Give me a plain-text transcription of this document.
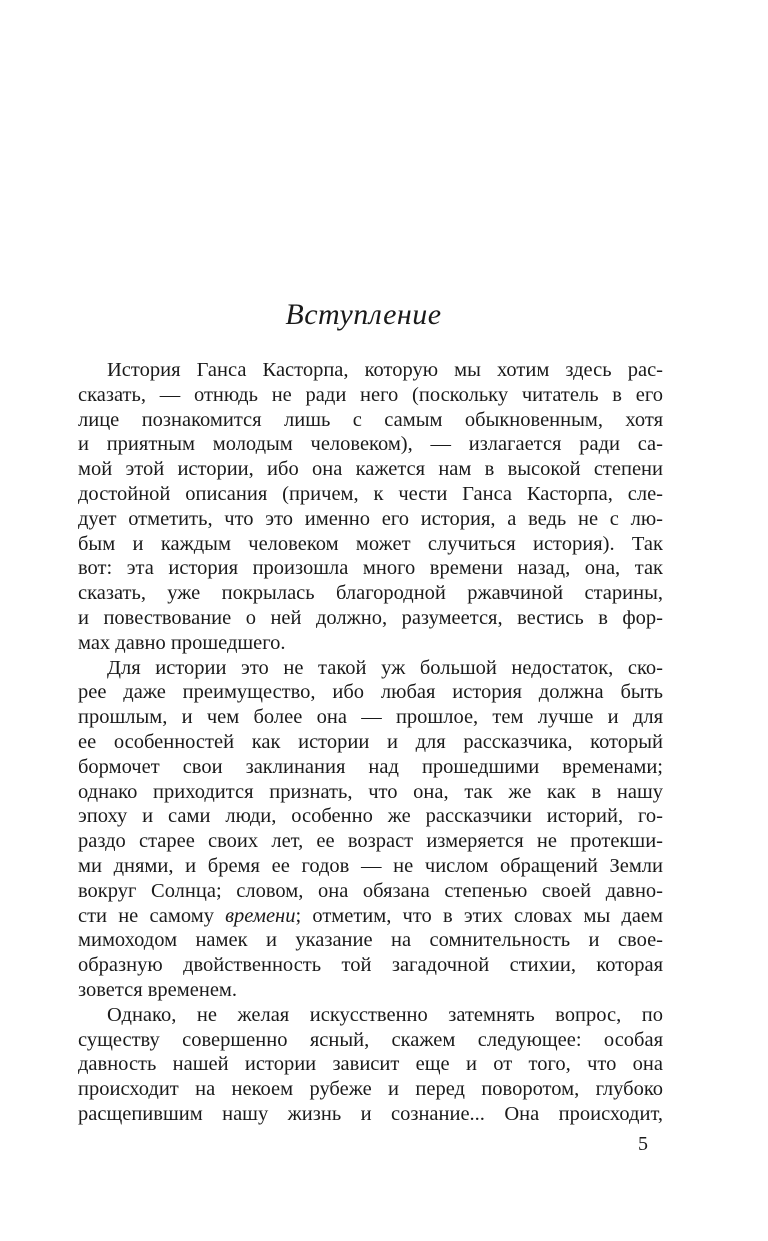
Вступление
История Ганса Касторпа, которую мы хотим здесь рас-
сказать, — отнюдь не ради него (поскольку читатель в его
лице познакомится лишь с самым обыкновенным, хотя
и приятным молодым человеком), — излагается ради са-
мой этой истории, ибо она кажется нам в высокой степени
достойной описания (причем, к чести Ганса Касторпа, сле-
дует отметить, что это именно его история, а ведь не с лю-
бым и каждым человеком может случиться история). Так
вот: эта история произошла много времени назад, она, так
сказать, уже покрылась благородной ржавчиной старины,
и повествование о ней должно, разумеется, вестись в фор-
мах давно прошедшего.
Для истории это не такой уж большой недостаток, ско-
рее даже преимущество, ибо любая история должна быть
прошлым, и чем более она — прошлое, тем лучше и для
ее особенностей как истории и для рассказчика, который
бормочет свои заклинания над прошедшими временами;
однако приходится признать, что она, так же как в нашу
эпоху и сами люди, особенно же рассказчики историй, го-
раздо старее своих лет, ее возраст измеряется не протекши-
ми днями, и бремя ее годов — не числом обращений Земли
вокруг Солнца; словом, она обязана степенью своей давно-
сти не самому времени; отметим, что в этих словах мы даем
мимоходом намек и указание на сомнительность и свое-
образную двойственность той загадочной стихии, которая
зовется временем.
Однако, не желая искусственно затемнять вопрос, по
существу совершенно ясный, скажем следующее: особая
давность нашей истории зависит еще и от того, что она
происходит на некоем рубеже и перед поворотом, глубоко
расщепившим нашу жизнь и сознание... Она происходит,
5
